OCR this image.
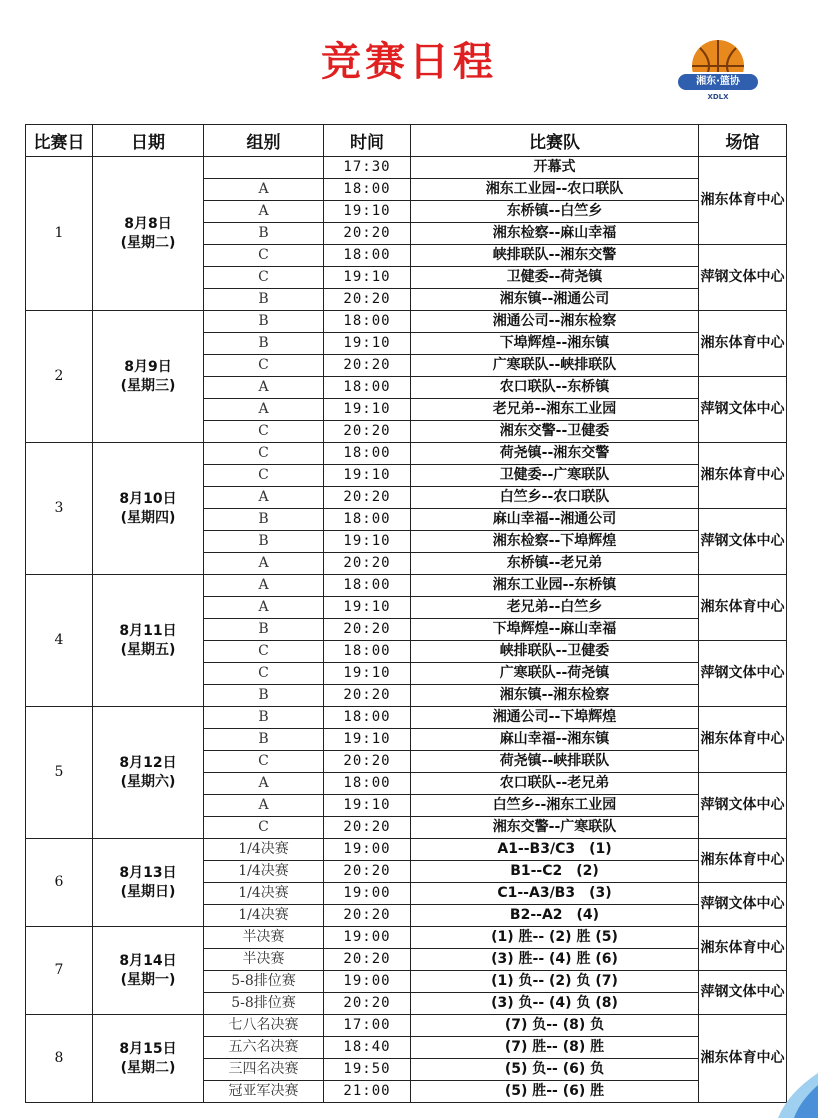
竞赛日程	湘东·篮协
XDLX
比赛日	日期	组别	时间	比赛队	场馆
1	8月8日
(星期二)		17:30	开幕式	湘东体育中心
		A	18:00	湘东工业园--农口联队	
		A	19:10	东桥镇--白竺乡	
		B	20:20	湘东检察--麻山幸福	
		C	18:00	峡排联队--湘东交警	萍钢文体中心
		C	19:10	卫健委--荷尧镇	
		B	20:20	湘东镇--湘通公司	
2	8月9日
(星期三)	B	18:00	湘通公司--湘东检察	湘东体育中心
		B	19:10	下埠辉煌--湘东镇	
		C	20:20	广寒联队--峡排联队	
		A	18:00	农口联队--东桥镇	萍钢文体中心
		A	19:10	老兄弟--湘东工业园	
		C	20:20	湘东交警--卫健委	
3	8月10日
(星期四)	C	18:00	荷尧镇--湘东交警	湘东体育中心
		C	19:10	卫健委--广寒联队	
		A	20:20	白竺乡--农口联队	
		B	18:00	麻山幸福--湘通公司	萍钢文体中心
		B	19:10	湘东检察--下埠辉煌	
		A	20:20	东桥镇--老兄弟	
4	8月11日
(星期五)	A	18:00	湘东工业园--东桥镇	湘东体育中心
		A	19:10	老兄弟--白竺乡	
		B	20:20	下埠辉煌--麻山幸福	
		C	18:00	峡排联队--卫健委	萍钢文体中心
		C	19:10	广寒联队--荷尧镇	
		B	20:20	湘东镇--湘东检察	
5	8月12日
(星期六)	B	18:00	湘通公司--下埠辉煌	湘东体育中心
		B	19:10	麻山幸福--湘东镇	
		C	20:20	荷尧镇--峡排联队	
		A	18:00	农口联队--老兄弟	萍钢文体中心
		A	19:10	白竺乡--湘东工业园	
		C	20:20	湘东交警--广寒联队	
6	8月13日
(星期日)	1/4决赛	19:00	A1--B3/C3　(1)	湘东体育中心
		1/4决赛	20:20	B1--C2　(2)	
		1/4决赛	19:00	C1--A3/B3　(3)	萍钢文体中心
		1/4决赛	20:20	B2--A2　(4)	
7	8月14日
(星期一)	半决赛	19:00	(1) 胜-- (2) 胜 (5)	湘东体育中心
		半决赛	20:20	(3) 胜-- (4) 胜 (6)	
		5-8排位赛	19:00	(1) 负-- (2) 负 (7)	萍钢文体中心
		5-8排位赛	20:20	(3) 负-- (4) 负 (8)	
8	8月15日
(星期二)	七八名决赛	17:00	(7) 负-- (8) 负	湘东体育中心
		五六名决赛	18:40	(7) 胜-- (8) 胜	
		三四名决赛	19:50	(5) 负-- (6) 负	
		冠亚军决赛	21:00	(5) 胜-- (6) 胜	
